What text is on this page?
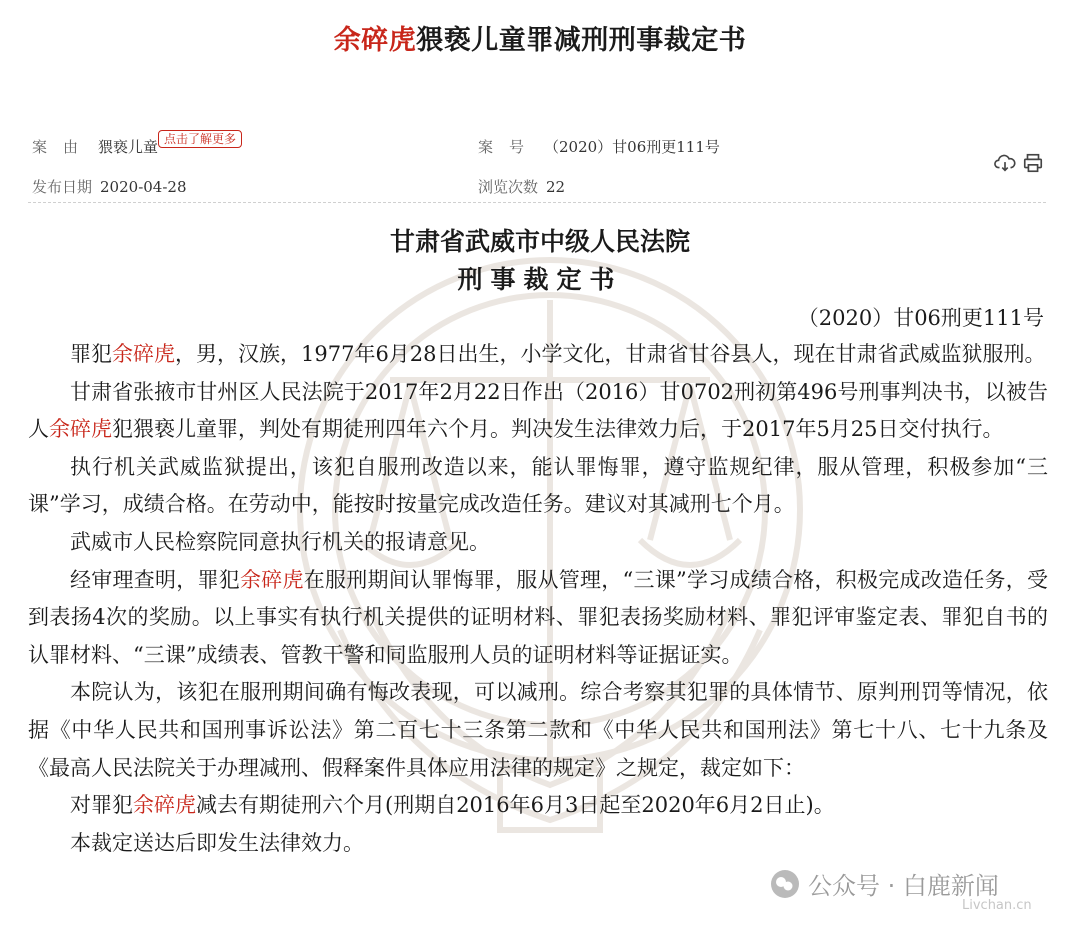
余碎虎猥亵儿童罪减刑刑事裁定书
案由 猥亵儿童 点击了解更多	案号 （2020）甘06刑更111号
发布日期 2020-04-28	浏览次数 22
甘肃省武威市中级人民法院
刑事裁定书
（2020）甘06刑更111号

罪犯余碎虎，男，汉族，1977年6月28日出生，小学文化，甘肃省甘谷县人，现在甘肃省武威监狱服刑。

甘肃省张掖市甘州区人民法院于2017年2月22日作出（2016）甘0702刑初第496号刑事判决书，以被告人余碎虎犯猥亵儿童罪，判处有期徒刑四年六个月。判决发生法律效力后，于2017年5月25日交付执行。

执行机关武威监狱提出，该犯自服刑改造以来，能认罪悔罪，遵守监规纪律，服从管理，积极参加“三课”学习，成绩合格。在劳动中，能按时按量完成改造任务。建议对其减刑七个月。

武威市人民检察院同意执行机关的报请意见。

经审理查明，罪犯余碎虎在服刑期间认罪悔罪，服从管理，“三课”学习成绩合格，积极完成改造任务，受到表扬4次的奖励。以上事实有执行机关提供的证明材料、罪犯表扬奖励材料、罪犯评审鉴定表、罪犯自书的认罪材料、“三课”成绩表、管教干警和同监服刑人员的证明材料等证据证实。

本院认为，该犯在服刑期间确有悔改表现，可以减刑。综合考察其犯罪的具体情节、原判刑罚等情况，依据《中华人民共和国刑事诉讼法》第二百七十三条第二款和《中华人民共和国刑法》第七十八、七十九条及《最高人民法院关于办理减刑、假释案件具体应用法律的规定》之规定，裁定如下：

对罪犯余碎虎减去有期徒刑六个月(刑期自2016年6月3日起至2020年6月2日止)。

本裁定送达后即发生法律效力。

公众号 · 白鹿新闻
Livchan.cn
